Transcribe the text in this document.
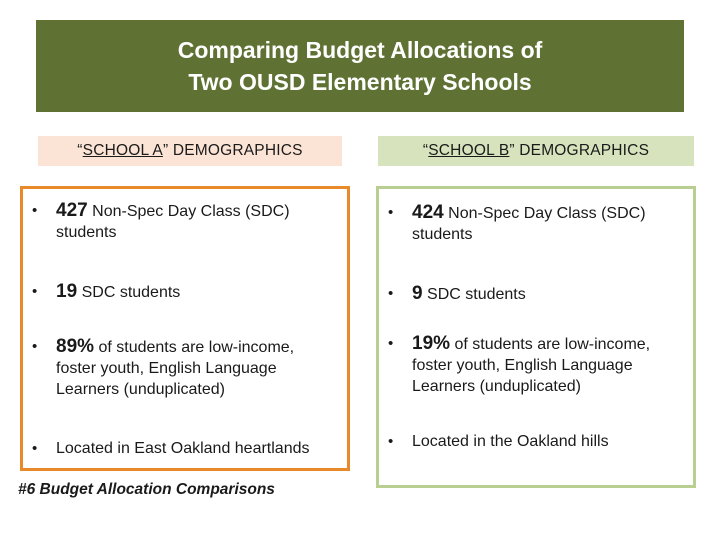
Comparing Budget Allocations of
Two OUSD Elementary Schools
“ SCHOOL A ” DEMOGRAPHICS	“ SCHOOL B ” DEMOGRAPHICS
• 427 Non-Spec Day Class (SDC)
students
• 19 SDC students
• 89% of students are low-income,
foster youth, English Language Learners (unduplicated)
•	Located in East Oakland heartlands
• 424 Non-Spec Day Class (SDC)
students
• 9 SDC students
• 19% of students are low-income,
foster youth, English Language Learners (unduplicated)
•	Located in the Oakland hills
#6 Budget Allocation Comparisons
